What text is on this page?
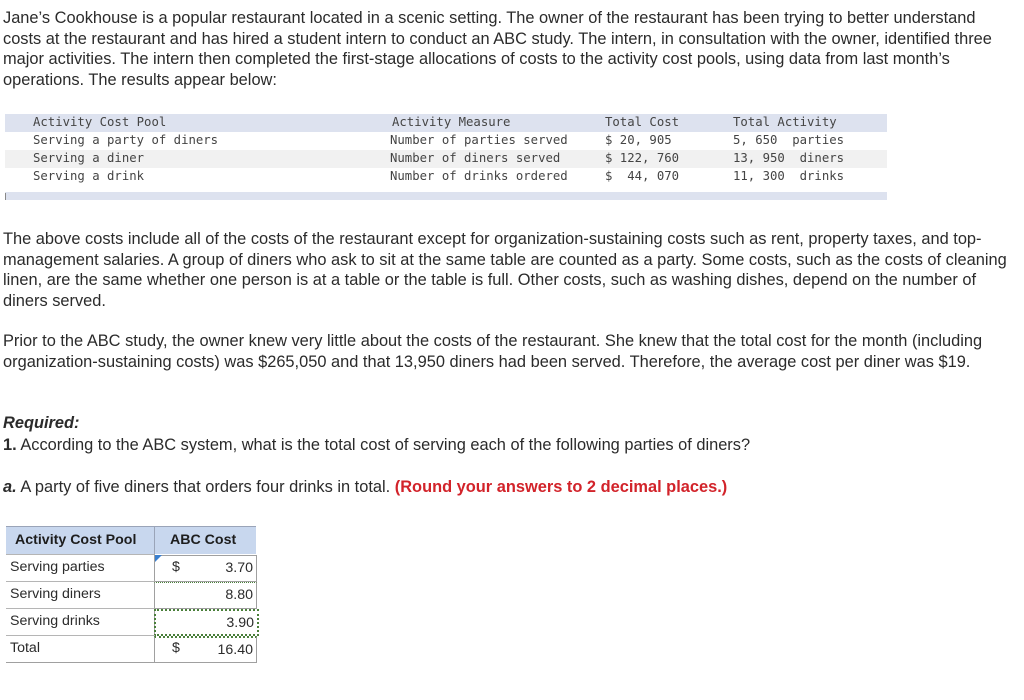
Jane’s Cookhouse is a popular restaurant located in a scenic setting. The owner of the restaurant has been trying to better understand costs at the restaurant and has hired a student intern to conduct an ABC study. The intern, in consultation with the owner, identified three major activities. The intern then completed the first-stage allocations of costs to the activity cost pools, using data from last month’s operations. The results appear below:

Activity Cost Pool	Activity Measure	Total Cost	Total Activity
Serving a party of diners	Number of parties served	$ 20, 905	5, 650  parties
Serving a diner	Number of diners served	$ 122, 760	13, 950  diners
Serving a drink	Number of drinks ordered	$  44, 070	11, 300  drinks

The above costs include all of the costs of the restaurant except for organization-sustaining costs such as rent, property taxes, and top-management salaries. A group of diners who ask to sit at the same table are counted as a party. Some costs, such as the costs of cleaning linen, are the same whether one person is at a table or the table is full. Other costs, such as washing dishes, depend on the number of diners served.

Prior to the ABC study, the owner knew very little about the costs of the restaurant. She knew that the total cost for the month (including organization-sustaining costs) was $265,050 and that 13,950 diners had been served. Therefore, the average cost per diner was $19.

Required:

1. According to the ABC system, what is the total cost of serving each of the following parties of diners?

a. A party of five diners that orders four drinks in total. (Round your answers to 2 decimal places.)

Activity Cost Pool ABC Cost
Serving parties	3.70
$
Serving diners	8.80
Serving drinks	3.90
Total	16.40
$
